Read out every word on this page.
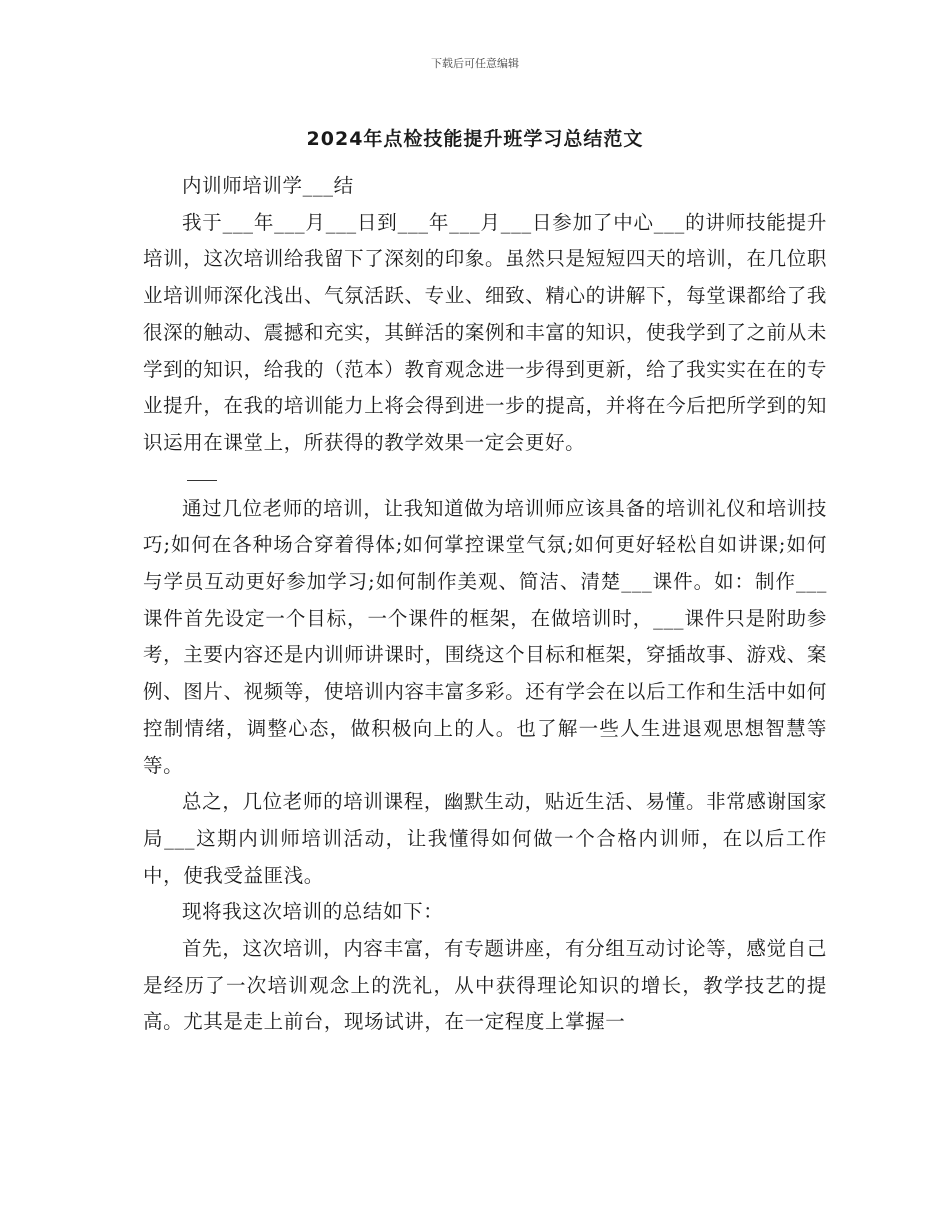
下载后可任意编辑
2024年点检技能提升班学习总结范文

内训师培训学___结

我于___年___月___日到___年___月___日参加了中心___的讲师技能提升培训，这次培训给我留下了深刻的印象。虽然只是短短四天的培训，在几位职业培训师深化浅出、气氛活跃、专业、细致、精心的讲解下，每堂课都给了我很深的触动、震撼和充实，其鲜活的案例和丰富的知识，使我学到了之前从未学到的知识，给我的（范本）教育观念进一步得到更新，给了我实实在在的专业提升，在我的培训能力上将会得到进一步的提高，并将在今后把所学到的知识运用在课堂上，所获得的教学效果一定会更好。

通过几位老师的培训，让我知道做为培训师应该具备的培训礼仪和培训技巧;如何在各种场合穿着得体;如何掌控课堂气氛;如何更好轻松自如讲课;如何与学员互动更好参加学习;如何制作美观、简洁、清楚___课件。如：制作___课件首先设定一个目标，一个课件的框架，在做培训时，___课件只是附助参考，主要内容还是内训师讲课时，围绕这个目标和框架，穿插故事、游戏、案例、图片、视频等，使培训内容丰富多彩。还有学会在以后工作和生活中如何控制情绪，调整心态，做积极向上的人。也了解一些人生进退观思想智慧等等。

总之，几位老师的培训课程，幽默生动，贴近生活、易懂。非常感谢国家局___这期内训师培训活动，让我懂得如何做一个合格内训师，在以后工作中，使我受益匪浅。

现将我这次培训的总结如下：

首先，这次培训，内容丰富，有专题讲座，有分组互动讨论等，感觉自己是经历了一次培训观念上的洗礼，从中获得理论知识的增长，教学技艺的提高。尤其是走上前台，现场试讲，在一定程度上掌握一
